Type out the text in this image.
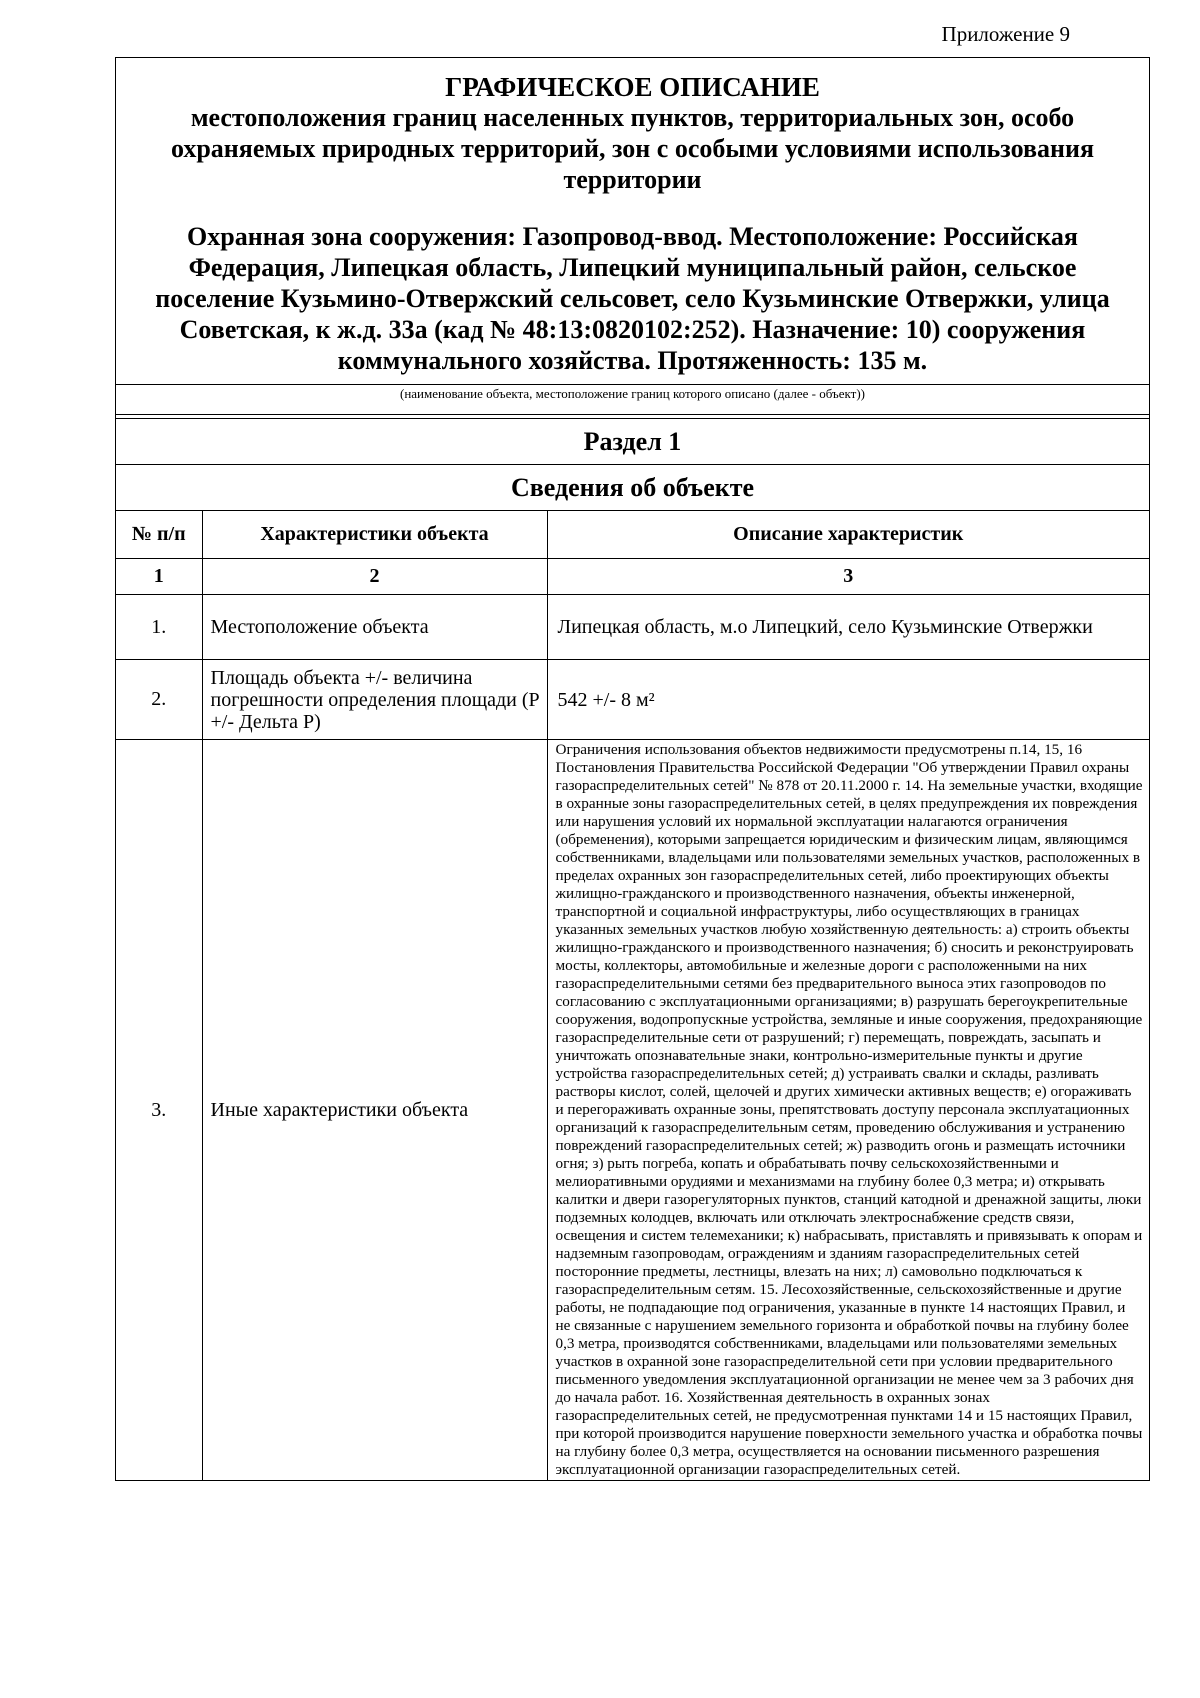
Приложение 9

ГРАФИЧЕСКОЕ ОПИСАНИЕ

местоположения границ населенных пунктов, территориальных зон, особо охраняемых природных территорий, зон с особыми условиями использования территории

Охранная зона сооружения: Газопровод-ввод. Местоположение: Российская Федерация, Липецкая область, Липецкий муниципальный район, сельское поселение Кузьмино-Отвержский сельсовет, село Кузьминские Отвержки, улица Советская, к ж.д. 33а (кад № 48:13:0820102:252). Назначение: 10) сооружения коммунального хозяйства. Протяженность: 135 м.

(наименование объекта, местоположение границ которого описано (далее - объект))
Раздел 1
Сведения об объекте
№ п/п	Характеристики объекта	Описание характеристик
1	2	3
1.	Местоположение объекта	Липецкая область, м.о Липецкий, село Кузьминские Отвержки
2.	Площадь объекта +/- величина погрешности определения площади (Р +/- Дельта Р)	542 +/- 8 м²
3.	Иные характеристики объекта	Ограничения использования объектов недвижимости предусмотрены п.14, 15, 16 Постановления Правительства Российской Федерации "Об утверждении Правил охраны газораспределительных сетей" № 878 от 20.11.2000 г. 14. На земельные участки, входящие в охранные зоны газораспределительных сетей, в целях предупреждения их повреждения или нарушения условий их нормальной эксплуатации налагаются ограничения (обременения), которыми запрещается юридическим и физическим лицам, являющимся собственниками, владельцами или пользователями земельных участков, расположенных в пределах охранных зон газораспределительных сетей, либо проектирующих объекты жилищно-гражданского и производственного назначения, объекты инженерной, транспортной и социальной инфраструктуры, либо осуществляющих в границах указанных земельных участков любую хозяйственную деятельность: а) строить объекты жилищно-гражданского и производственного назначения; б) сносить и реконструировать мосты, коллекторы, автомобильные и железные дороги с расположенными на них газораспределительными сетями без предварительного выноса этих газопроводов по согласованию с эксплуатационными организациями; в) разрушать берегоукрепительные сооружения, водопропускные устройства, земляные и иные сооружения, предохраняющие газораспределительные сети от разрушений; г) перемещать, повреждать, засыпать и уничтожать опознавательные знаки, контрольно-измерительные пункты и другие устройства газораспределительных сетей; д) устраивать свалки и склады, разливать растворы кислот, солей, щелочей и других химически активных веществ; е) огораживать и перегораживать охранные зоны, препятствовать доступу персонала эксплуатационных организаций к газораспределительным сетям, проведению обслуживания и устранению повреждений газораспределительных сетей; ж) разводить огонь и размещать источники огня; з) рыть погреба, копать и обрабатывать почву сельскохозяйственными и мелиоративными орудиями и механизмами на глубину более 0,3 метра; и) открывать калитки и двери газорегуляторных пунктов, станций катодной и дренажной защиты, люки подземных колодцев, включать или отключать электроснабжение средств связи, освещения и систем телемеханики; к) набрасывать, приставлять и привязывать к опорам и надземным газопроводам, ограждениям и зданиям газораспределительных сетей посторонние предметы, лестницы, влезать на них; л) самовольно подключаться к газораспределительным сетям. 15. Лесохозяйственные, сельскохозяйственные и другие работы, не подпадающие под ограничения, указанные в пункте 14 настоящих Правил, и не связанные с нарушением земельного горизонта и обработкой почвы на глубину более 0,3 метра, производятся собственниками, владельцами или пользователями земельных участков в охранной зоне газораспределительной сети при условии предварительного письменного уведомления эксплуатационной организации не менее чем за 3 рабочих дня до начала работ. 16. Хозяйственная деятельность в охранных зонах газораспределительных сетей, не предусмотренная пунктами 14 и 15 настоящих Правил, при которой производится нарушение поверхности земельного участка и обработка почвы на глубину более 0,3 метра, осуществляется на основании письменного разрешения эксплуатационной организации газораспределительных сетей.
